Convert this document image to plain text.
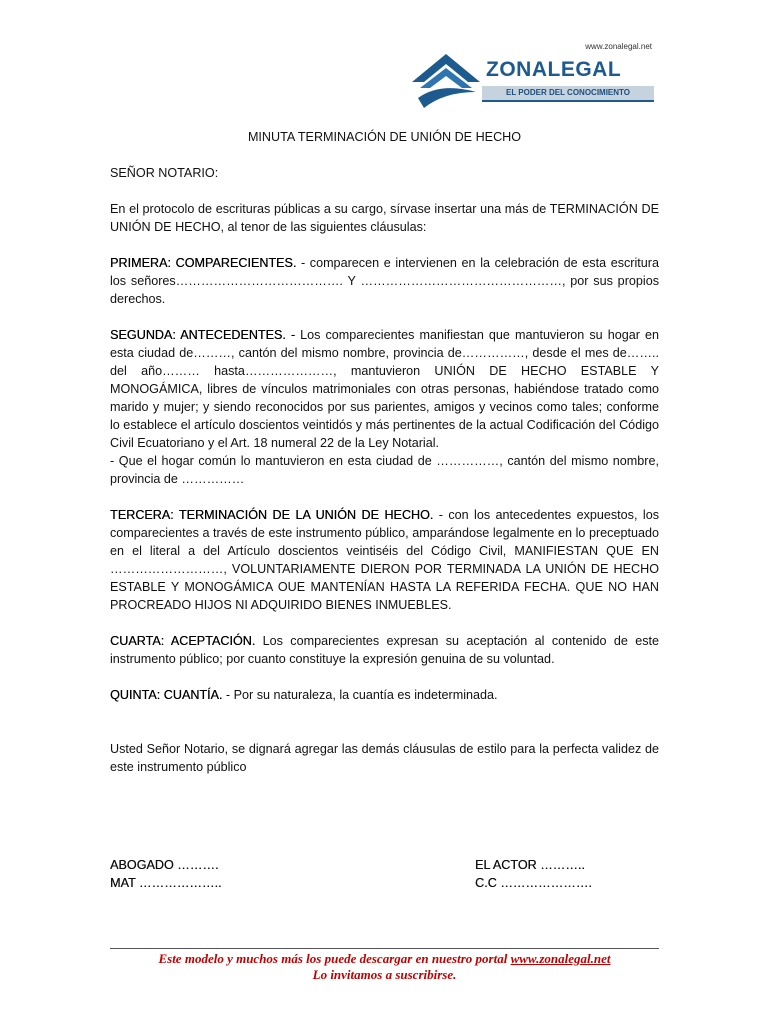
www.zonalegal.net
ZONALEGAL
EL PODER DEL CONOCIMIENTO
MINUTA TERMINACIÓN DE UNIÓN DE HECHO
SEÑOR NOTARIO:
En el protocolo de escrituras públicas a su cargo, sírvase insertar una más de TERMINACIÓN DE UNIÓN DE HECHO, al tenor de las siguientes cláusulas:
PRIMERA: COMPARECIENTES. - comparecen e intervienen en la celebración de esta escritura los señores…………………………………. Y …………………………………………, por sus propios derechos.
SEGUNDA: ANTECEDENTES. - Los comparecientes manifiestan que mantuvieron su hogar en esta ciudad de………, cantón del mismo nombre, provincia de……………, desde el mes de…….. del año……… hasta…………………, mantuvieron UNIÓN DE HECHO ESTABLE Y MONOGÁMICA, libres de vínculos matrimoniales con otras personas, habiéndose tratado como marido y mujer; y siendo reconocidos por sus parientes, amigos y vecinos como tales; conforme lo establece el artículo doscientos veintidós y más pertinentes de la actual Codificación del Código Civil Ecuatoriano y el Art. 18 numeral 22 de la Ley Notarial.
- Que el hogar común lo mantuvieron en esta ciudad de ……………, cantón del mismo nombre, provincia de ……………
TERCERA: TERMINACIÓN DE LA UNIÓN DE HECHO. - con los antecedentes expuestos, los comparecientes a través de este instrumento público, amparándose legalmente en lo preceptuado en el literal a del Artículo doscientos veintiséis del Código Civil, MANIFIESTAN QUE EN ………………………, VOLUNTARIAMENTE DIERON POR TERMINADA LA UNIÓN DE HECHO ESTABLE Y MONOGÁMICA OUE MANTENÍAN HASTA LA REFERIDA FECHA. QUE NO HAN PROCREADO HIJOS NI ADQUIRIDO BIENES INMUEBLES.
CUARTA: ACEPTACIÓN. Los comparecientes expresan su aceptación al contenido de este instrumento público; por cuanto constituye la expresión genuina de su voluntad.
QUINTA: CUANTÍA. - Por su naturaleza, la cuantía es indeterminada.
Usted Señor Notario, se dignará agregar las demás cláusulas de estilo para la perfecta validez de este instrumento público
ABOGADO ……….
MAT ………………..
EL ACTOR ………..
C.C ………………….
Este modelo y muchos más los puede descargar en nuestro portal www.zonalegal.net
Lo invitamos a suscribirse.
